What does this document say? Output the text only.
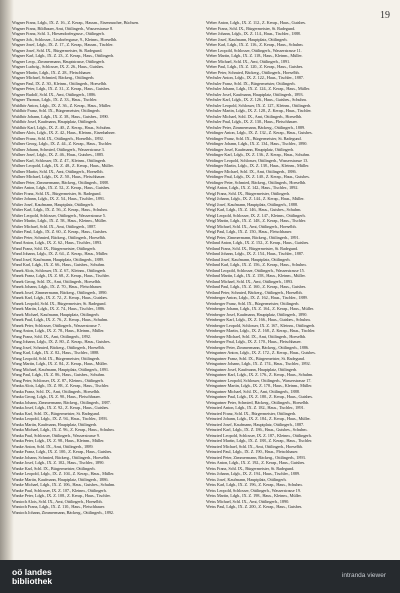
19
Wagner Franz, Ldgb., IX. Z. 16., Z. Kerap., Hausm., Eisenmacher, Büchsen.
Wagner Franz, Bildhauer, Amt, Ottilingerh., Wasserstrasse 8.
Wagner Franz, Schl. 3., Hiesendorfergasse., Ottilingerh.
Wagner Joh., Schlosser., Lisdorfergasse, 9., Kleinm., Hoeselbh.
Wagner Josef, Ldgb., IX. Z. 17., Z. Kerap., Hausm., Tischler.
Wagner Josef, Schl. IX., Bürgermeister, St. Radegund.
Wagner Karl, Ldgb., IX. Z. 23., Z. Kerap., Haus., Ottilingerh.
Wagner Leop., Zimmermann, Hauptstrasse, Ottilingerh.
Wagner Ludwig., Schlosser, IX. Z. 26., Haus., Gutsbes.
Wagner Martin, Ldgb., IX. Z. 28., Fleischhauer.
Wagner Michael, Schmied, Bäckerg., Ottilingerh.
Wagner Paul, IX. Z. 30., Kleinm., Ottilingerh., Hoeselbh.
Wagner Peter, Ldgb., IX. Z. 31., Z. Kerap., Haus., Gutsbes.
Wagner Rudolf, Schl. IX., Amt, Ottilingerh., 1886.
Wagner Thomas, Ldgb., IX. Z. 33., Haus., Tischler.
Waldhör Anton, Ldgb., IX. Z. 36., Z. Kerap., Haus., Müller.
Waldhör Franz, Schl. IX., Bürgermeister, Ottilingerh.
Waldhör Johann, Ldgb., IX. Z. 38., Haus., Gutsbes., 1890.
Waldhör Josef, Kaufmann, Hauptplatz, Ottilingerh.
Waldhör Karl, Ldgb., IX. Z. 40., Z. Kerap., Haus., Schuhm.
Wallner Alois, Ldgb., IX. Z. 42., Haus., Kleinm., Eisenbahner.
Wallner Franz, Schl. IX., Ottilingerh., Hoeselbh., 1892.
Wallner Georg, Ldgb., IX. Z. 44., Z. Kerap., Haus., Tischler.
Wallner Johann, Schmied, Ottilingerh., Wasserstrasse 3.
Wallner Josef, Ldgb., IX. Z. 46., Haus., Gutsbes., 1885.
Wallner Karl, Schlosser, IX. Z. 47., Kleinm., Ottilingerh.
Wallner Leopold, Ldgb., IX. Z. 48., Z. Kerap., Haus., Müller.
Wallner Martin, Schl. IX., Amt, Ottilingerh., Hoeselbh.
Wallner Michael, Ldgb., IX. Z. 50., Haus., Fleischhauer.
Wallner Peter, Zimmermann, Bäckerg., Ottilingerh., 1888.
Walter Anton, Ldgb., IX. Z. 52., Z. Kerap., Haus., Gutsbes.
Walter Franz, Schl. IX., Bürgermeister, St. Radegund.
Walter Johann, Ldgb., IX. Z. 54., Haus., Tischler., 1891.
Walter Josef, Kaufmann, Hauptplatz, Ottilingerh.
Walter Karl, Ldgb., IX. Z. 56., Z. Kerap., Haus., Schuhm.
Walter Leopold, Schlosser, Ottilingerh., Wasserstrasse 5.
Walter Martin, Ldgb., IX. Z. 58., Haus., Kleinm., Müller.
Walter Michael, Schl. IX., Amt, Ottilingerh., 1887.
Walter Paul, Ldgb., IX. Z. 60., Z. Kerap., Haus., Gutsbes.
Walter Peter, Schmied, Bäckerg., Ottilingerh., Hoeselbh.
Wand Anton, Ldgb., IX. Z. 62., Haus., Tischler., 1893.
Wand Franz, Schl. IX., Bürgermeister, Ottilingerh.
Wand Johann, Ldgb., IX. Z. 64., Z. Kerap., Haus., Müller.
Wand Josef, Kaufmann, Hauptplatz, Ottilingerh., 1889.
Wand Karl, Ldgb., IX. Z. 66., Haus., Gutsbes., Schuhm.
Wanek Alois, Schlosser, IX. Z. 67., Kleinm., Ottilingerh.
Wanek Franz, Ldgb., IX. Z. 68., Z. Kerap., Haus., Tischler.
Wanek Georg, Schl. IX., Amt, Ottilingerh., Hoeselbh.
Wanek Johann, Ldgb., IX. Z. 70., Haus., Fleischhauer.
Wanek Josef, Zimmermann, Bäckerg., Ottilingerh., 1890.
Wanek Karl, Ldgb., IX. Z. 72., Z. Kerap., Haus., Gutsbes.
Wanek Leopold, Schl. IX., Bürgermeister, St. Radegund.
Wanek Martin, Ldgb., IX. Z. 74., Haus., Tischler., 1886.
Wanek Michael, Kaufmann, Hauptplatz, Ottilingerh.
Wanek Paul, Ldgb., IX. Z. 76., Z. Kerap., Haus., Schuhm.
Wanek Peter, Schlosser, Ottilingerh., Wasserstrasse 7.
Wang Anton, Ldgb., IX. Z. 78., Haus., Kleinm., Müller.
Wang Franz, Schl. IX., Amt, Ottilingerh., 1892.
Wang Johann, Ldgb., IX. Z. 80., Z. Kerap., Haus., Gutsbes.
Wang Josef, Schmied, Bäckerg., Ottilingerh., Hoeselbh.
Wang Karl, Ldgb., IX. Z. 82., Haus., Tischler., 1888.
Wang Leopold, Schl. IX., Bürgermeister, Ottilingerh.
Wang Martin, Ldgb., IX. Z. 84., Z. Kerap., Haus., Müller.
Wang Michael, Kaufmann, Hauptplatz, Ottilingerh., 1891.
Wang Paul, Ldgb., IX. Z. 86., Haus., Gutsbes., Schuhm.
Wang Peter, Schlosser, IX. Z. 87., Kleinm., Ottilingerh.
Wanka Alois, Ldgb., IX. Z. 88., Z. Kerap., Haus., Tischler.
Wanka Franz, Schl. IX., Amt, Ottilingerh., Hoeselbh.
Wanka Georg, Ldgb., IX. Z. 90., Haus., Fleischhauer.
Wanka Johann, Zimmermann, Bäckerg., Ottilingerh., 1887.
Wanka Josef, Ldgb., IX. Z. 92., Z. Kerap., Haus., Gutsbes.
Wanka Karl, Schl. IX., Bürgermeister, St. Radegund.
Wanka Leopold, Ldgb., IX. Z. 94., Haus., Tischler., 1893.
Wanka Martin, Kaufmann, Hauptplatz, Ottilingerh.
Wanka Michael, Ldgb., IX. Z. 96., Z. Kerap., Haus., Schuhm.
Wanka Paul, Schlosser, Ottilingerh., Wasserstrasse 9.
Wanka Peter, Ldgb., IX. Z. 98., Haus., Kleinm., Müller.
Wanke Anton, Schl. IX., Amt, Ottilingerh., 1889.
Wanke Franz, Ldgb., IX. Z. 100., Z. Kerap., Haus., Gutsbes.
Wanke Johann, Schmied, Bäckerg., Ottilingerh., Hoeselbh.
Wanke Josef, Ldgb., IX. Z. 102., Haus., Tischler., 1890.
Wanke Karl, Schl. IX., Bürgermeister, Ottilingerh.
Wanke Leopold, Ldgb., IX. Z. 104., Z. Kerap., Haus., Müller.
Wanke Martin, Kaufmann, Hauptplatz, Ottilingerh., 1886.
Wanke Michael, Ldgb., IX. Z. 106., Haus., Gutsbes., Schuhm.
Wanke Paul, Schlosser, IX. Z. 107., Kleinm., Ottilingerh.
Wanke Peter, Ldgb., IX. Z. 108., Z. Kerap., Haus., Tischler.
Wantoch Alois, Schl. IX., Amt, Ottilingerh., Hoeselbh.
Wantoch Franz, Ldgb., IX. Z. 110., Haus., Fleischhauer.
Wantoch Johann, Zimmermann, Bäckerg., Ottilingerh., 1892.
Weber Anton, Ldgb., IX. Z. 112., Z. Kerap., Haus., Gutsbes.
Weber Franz, Schl. IX., Bürgermeister, St. Radegund.
Weber Johann, Ldgb., IX. Z. 114., Haus., Tischler., 1888.
Weber Josef, Kaufmann, Hauptplatz, Ottilingerh.
Weber Karl, Ldgb., IX. Z. 116., Z. Kerap., Haus., Schuhm.
Weber Leopold, Schlosser, Ottilingerh., Wasserstrasse 11.
Weber Martin, Ldgb., IX. Z. 118., Haus., Kleinm., Müller.
Weber Michael, Schl. IX., Amt, Ottilingerh., 1891.
Weber Paul, Ldgb., IX. Z. 120., Z. Kerap., Haus., Gutsbes.
Weber Peter, Schmied, Bäckerg., Ottilingerh., Hoeselbh.
Wechsler Anton, Ldgb., IX. Z. 122., Haus., Tischler., 1887.
Wechsler Franz, Schl. IX., Bürgermeister, Ottilingerh.
Wechsler Johann, Ldgb., IX. Z. 124., Z. Kerap., Haus., Müller.
Wechsler Josef, Kaufmann, Hauptplatz, Ottilingerh., 1893.
Wechsler Karl, Ldgb., IX. Z. 126., Haus., Gutsbes., Schuhm.
Wechsler Leopold, Schlosser, IX. Z. 127., Kleinm., Ottilingerh.
Wechsler Martin, Ldgb., IX. Z. 128., Z. Kerap., Haus., Tischler.
Wechsler Michael, Schl. IX., Amt, Ottilingerh., Hoeselbh.
Wechsler Paul, Ldgb., IX. Z. 130., Haus., Fleischhauer.
Wechsler Peter, Zimmermann, Bäckerg., Ottilingerh., 1889.
Weidinger Anton, Ldgb., IX. Z. 132., Z. Kerap., Haus., Gutsbes.
Weidinger Franz, Schl. IX., Bürgermeister, St. Radegund.
Weidinger Johann, Ldgb., IX. Z. 134., Haus., Tischler., 1890.
Weidinger Josef, Kaufmann, Hauptplatz, Ottilingerh.
Weidinger Karl, Ldgb., IX. Z. 136., Z. Kerap., Haus., Schuhm.
Weidinger Leopold, Schlosser, Ottilingerh., Wasserstrasse 13.
Weidinger Martin, Ldgb., IX. Z. 138., Haus., Kleinm., Müller.
Weidinger Michael, Schl. IX., Amt, Ottilingerh., 1886.
Weidinger Paul, Ldgb., IX. Z. 140., Z. Kerap., Haus., Gutsbes.
Weidinger Peter, Schmied, Bäckerg., Ottilingerh., Hoeselbh.
Weigl Anton, Ldgb., IX. Z. 142., Haus., Tischler., 1892.
Weigl Franz, Schl. IX., Bürgermeister, Ottilingerh.
Weigl Johann, Ldgb., IX. Z. 144., Z. Kerap., Haus., Müller.
Weigl Josef, Kaufmann, Hauptplatz, Ottilingerh., 1888.
Weigl Karl, Ldgb., IX. Z. 146., Haus., Gutsbes., Schuhm.
Weigl Leopold, Schlosser, IX. Z. 147., Kleinm., Ottilingerh.
Weigl Martin, Ldgb., IX. Z. 148., Z. Kerap., Haus., Tischler.
Weigl Michael, Schl. IX., Amt, Ottilingerh., Hoeselbh.
Weigl Paul, Ldgb., IX. Z. 150., Haus., Fleischhauer.
Weigl Peter, Zimmermann, Bäckerg., Ottilingerh., 1891.
Weiland Anton, Ldgb., IX. Z. 152., Z. Kerap., Haus., Gutsbes.
Weiland Franz, Schl. IX., Bürgermeister, St. Radegund.
Weiland Johann, Ldgb., IX. Z. 154., Haus., Tischler., 1887.
Weiland Josef, Kaufmann, Hauptplatz, Ottilingerh.
Weiland Karl, Ldgb., IX. Z. 156., Z. Kerap., Haus., Schuhm.
Weiland Leopold, Schlosser, Ottilingerh., Wasserstrasse 15.
Weiland Martin, Ldgb., IX. Z. 158., Haus., Kleinm., Müller.
Weiland Michael, Schl. IX., Amt, Ottilingerh., 1893.
Weiland Paul, Ldgb., IX. Z. 160., Z. Kerap., Haus., Gutsbes.
Weiland Peter, Schmied, Bäckerg., Ottilingerh., Hoeselbh.
Weinberger Anton, Ldgb., IX. Z. 162., Haus., Tischler., 1889.
Weinberger Franz, Schl. IX., Bürgermeister, Ottilingerh.
Weinberger Johann, Ldgb., IX. Z. 164., Z. Kerap., Haus., Müller.
Weinberger Josef, Kaufmann, Hauptplatz, Ottilingerh., 1890.
Weinberger Karl, Ldgb., IX. Z. 166., Haus., Gutsbes., Schuhm.
Weinberger Leopold, Schlosser, IX. Z. 167., Kleinm., Ottilingerh.
Weinberger Martin, Ldgb., IX. Z. 168., Z. Kerap., Haus., Tischler.
Weinberger Michael, Schl. IX., Amt, Ottilingerh., Hoeselbh.
Weinberger Paul, Ldgb., IX. Z. 170., Haus., Fleischhauer.
Weinberger Peter, Zimmermann, Bäckerg., Ottilingerh., 1886.
Weingartner Anton, Ldgb., IX. Z. 172., Z. Kerap., Haus., Gutsbes.
Weingartner Franz, Schl. IX., Bürgermeister, St. Radegund.
Weingartner Johann, Ldgb., IX. Z. 174., Haus., Tischler., 1892.
Weingartner Josef, Kaufmann, Hauptplatz, Ottilingerh.
Weingartner Karl, Ldgb., IX. Z. 176., Z. Kerap., Haus., Schuhm.
Weingartner Leopold, Schlosser, Ottilingerh., Wasserstrasse 17.
Weingartner Martin, Ldgb., IX. Z. 178., Haus., Kleinm., Müller.
Weingartner Michael, Schl. IX., Amt, Ottilingerh., 1888.
Weingartner Paul, Ldgb., IX. Z. 180., Z. Kerap., Haus., Gutsbes.
Weingartner Peter, Schmied, Bäckerg., Ottilingerh., Hoeselbh.
Weinzierl Anton, Ldgb., IX. Z. 182., Haus., Tischler., 1891.
Weinzierl Franz, Schl. IX., Bürgermeister, Ottilingerh.
Weinzierl Johann, Ldgb., IX. Z. 184., Z. Kerap., Haus., Müller.
Weinzierl Josef, Kaufmann, Hauptplatz, Ottilingerh., 1887.
Weinzierl Karl, Ldgb., IX. Z. 186., Haus., Gutsbes., Schuhm.
Weinzierl Leopold, Schlosser, IX. Z. 187., Kleinm., Ottilingerh.
Weinzierl Martin, Ldgb., IX. Z. 188., Z. Kerap., Haus., Tischler.
Weinzierl Michael, Schl. IX., Amt, Ottilingerh., Hoeselbh.
Weinzierl Paul, Ldgb., IX. Z. 190., Haus., Fleischhauer.
Weinzierl Peter, Zimmermann, Bäckerg., Ottilingerh., 1893.
Weiss Anton, Ldgb., IX. Z. 192., Z. Kerap., Haus., Gutsbes.
Weiss Franz, Schl. IX., Bürgermeister, St. Radegund.
Weiss Johann, Ldgb., IX. Z. 194., Haus., Tischler., 1889.
Weiss Josef, Kaufmann, Hauptplatz, Ottilingerh.
Weiss Karl, Ldgb., IX. Z. 196., Z. Kerap., Haus., Schuhm.
Weiss Leopold, Schlosser, Ottilingerh., Wasserstrasse 19.
Weiss Martin, Ldgb., IX. Z. 198., Haus., Kleinm., Müller.
Weiss Michael, Schl. IX., Amt, Ottilingerh., 1890.
Weiss Paul, Ldgb., IX. Z. 200., Z. Kerap., Haus., Gutsbes.
oö landes
bibliothek	intranda viewer
